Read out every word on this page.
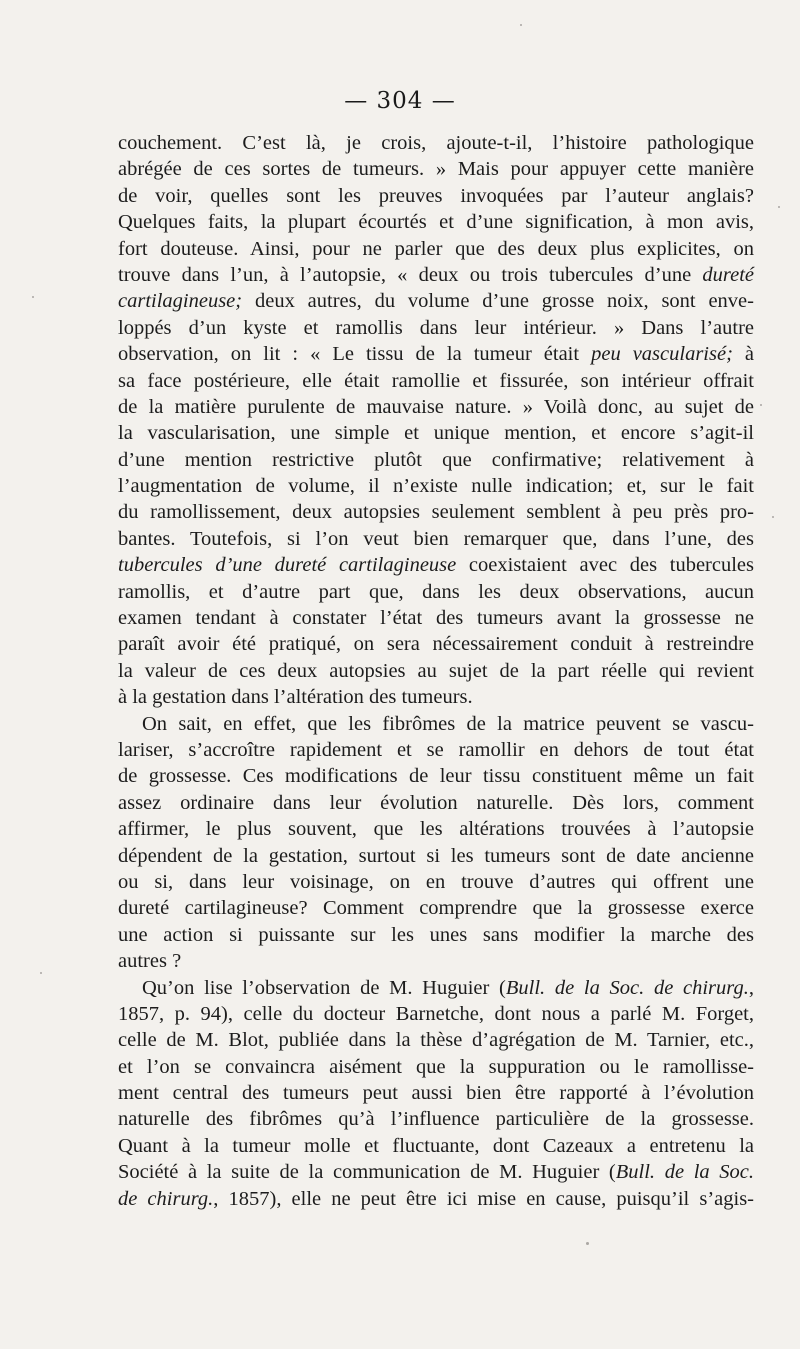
— 304 —
couchement. C’est là, je crois, ajoute-t-il, l’histoire pathologique
abrégée de ces sortes de tumeurs. » Mais pour appuyer cette manière
de voir, quelles sont les preuves invoquées par l’auteur anglais?
Quelques faits, la plupart écourtés et d’une signification, à mon avis,
fort douteuse. Ainsi, pour ne parler que des deux plus explicites, on
trouve dans l’un, à l’autopsie, « deux ou trois tubercules d’une dureté
cartilagineuse; deux autres, du volume d’une grosse noix, sont enve-
loppés d’un kyste et ramollis dans leur intérieur. » Dans l’autre
observation, on lit : « Le tissu de la tumeur était peu vascularisé; à
sa face postérieure, elle était ramollie et fissurée, son intérieur offrait
de la matière purulente de mauvaise nature. » Voilà donc, au sujet de
la vascularisation, une simple et unique mention, et encore s’agit-il
d’une mention restrictive plutôt que confirmative; relativement à
l’augmentation de volume, il n’existe nulle indication; et, sur le fait
du ramollissement, deux autopsies seulement semblent à peu près pro-
bantes. Toutefois, si l’on veut bien remarquer que, dans l’une, des
tubercules d’une dureté cartilagineuse coexistaient avec des tubercules
ramollis, et d’autre part que, dans les deux observations, aucun
examen tendant à constater l’état des tumeurs avant la grossesse ne
paraît avoir été pratiqué, on sera nécessairement conduit à restreindre
la valeur de ces deux autopsies au sujet de la part réelle qui revient
à la gestation dans l’altération des tumeurs.
On sait, en effet, que les fibrômes de la matrice peuvent se vascu-
lariser, s’accroître rapidement et se ramollir en dehors de tout état
de grossesse. Ces modifications de leur tissu constituent même un fait
assez ordinaire dans leur évolution naturelle. Dès lors, comment
affirmer, le plus souvent, que les altérations trouvées à l’autopsie
dépendent de la gestation, surtout si les tumeurs sont de date ancienne
ou si, dans leur voisinage, on en trouve d’autres qui offrent une
dureté cartilagineuse? Comment comprendre que la grossesse exerce
une action si puissante sur les unes sans modifier la marche des
autres ?
Qu’on lise l’observation de M. Huguier (Bull. de la Soc. de chirurg.,
1857, p. 94), celle du docteur Barnetche, dont nous a parlé M. Forget,
celle de M. Blot, publiée dans la thèse d’agrégation de M. Tarnier, etc.,
et l’on se convaincra aisément que la suppuration ou le ramollisse-
ment central des tumeurs peut aussi bien être rapporté à l’évolution
naturelle des fibrômes qu’à l’influence particulière de la grossesse.
Quant à la tumeur molle et fluctuante, dont Cazeaux a entretenu la
Société à la suite de la communication de M. Huguier (Bull. de la Soc.
de chirurg., 1857), elle ne peut être ici mise en cause, puisqu’il s’agis-
